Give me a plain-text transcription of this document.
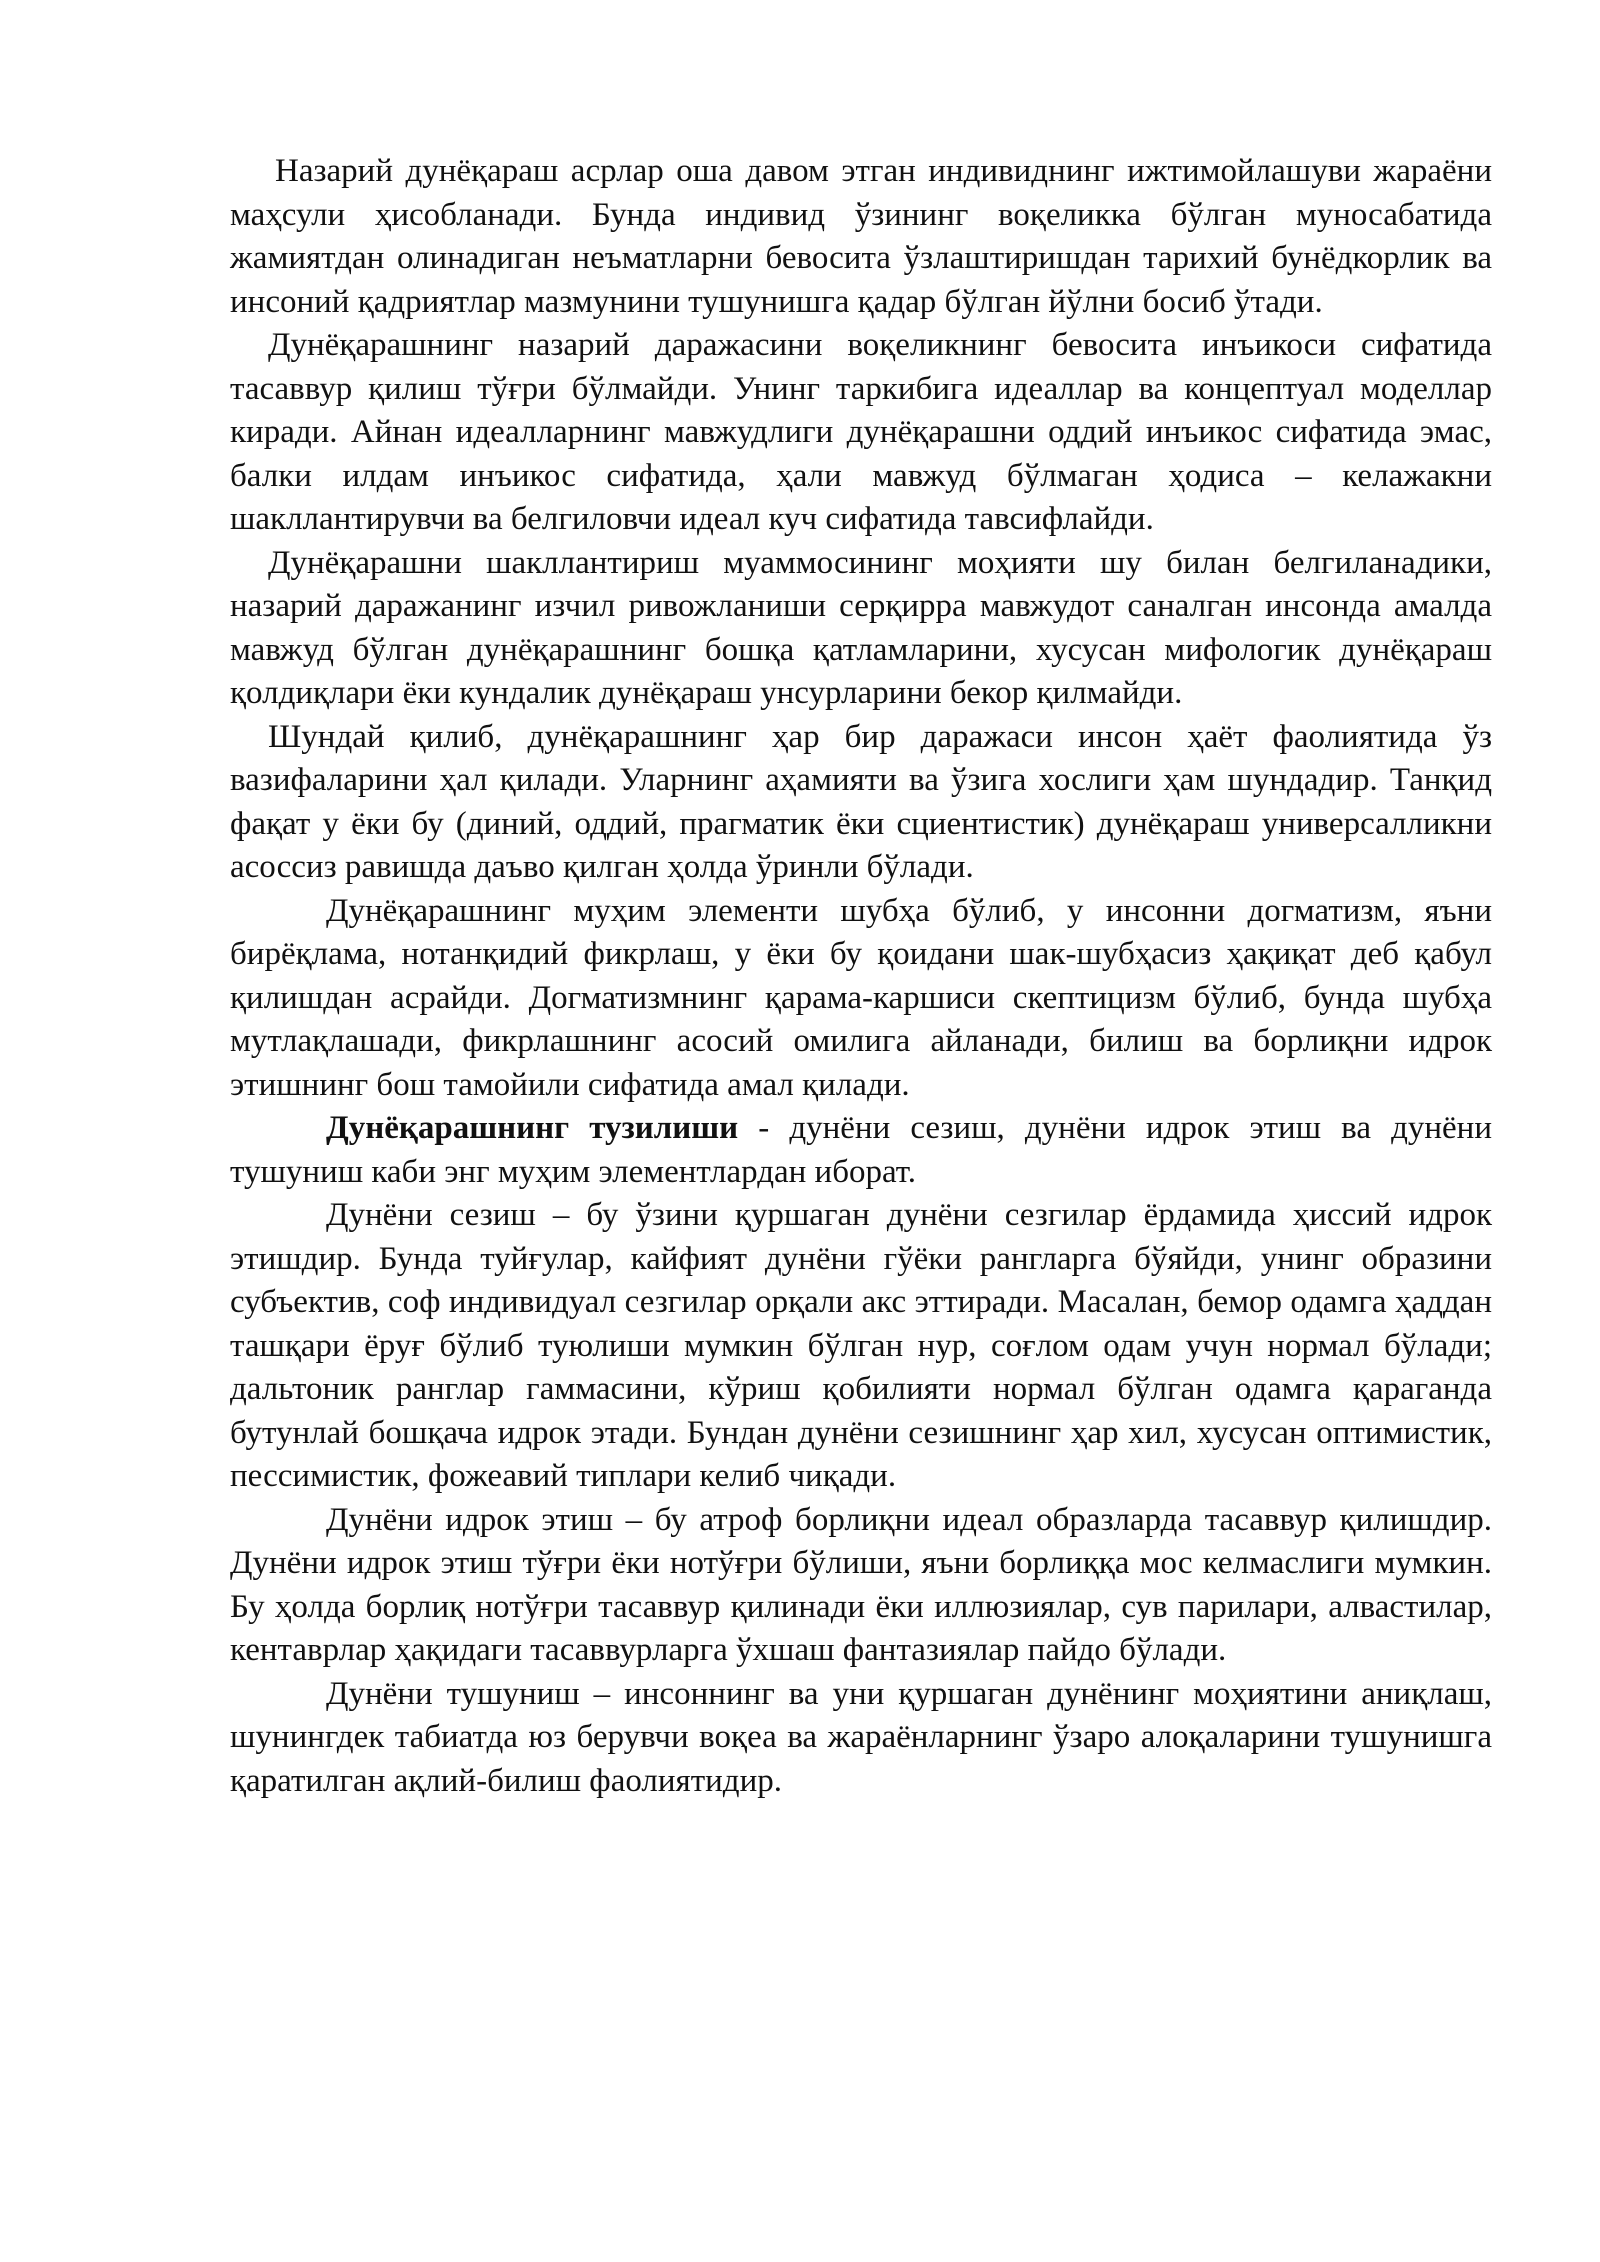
Назарий дунёқараш асрлар оша давом этган индивиднинг ижтимойлашуви жараёни маҳсули ҳисобланади. Бунда индивид ўзининг воқеликка бўлган муносабатида жамиятдан олинадиган неъматларни бевосита ўзлаштиришдан тарихий бунёдкорлик ва инсоний қадриятлар мазмунини тушунишга қадар бўлган йўлни босиб ўтади.

Дунёқарашнинг назарий даражасини воқеликнинг бевосита инъикоси сифатида тасаввур қилиш тўғри бўлмайди. Унинг таркибига идеаллар ва концептуал моделлар киради. Айнан идеалларнинг мавжудлиги дунёқарашни оддий инъикос сифатида эмас, балки илдам инъикос сифатида, ҳали мавжуд бўлмаган ҳодиса – келажакни шакллантирувчи ва белгиловчи идеал куч сифатида тавсифлайди.

Дунёқарашни шакллантириш муаммосининг моҳияти шу билан белгиланадики, назарий даражанинг изчил ривожланиши серқирра мавжудот саналган инсонда амалда мавжуд бўлган дунёқарашнинг бошқа қатламларини, хусусан мифологик дунёқараш қолдиқлари ёки кундалик дунёқараш унсурларини бекор қилмайди.

Шундай қилиб, дунёқарашнинг ҳар бир даражаси инсон ҳаёт фаолиятида ўз вазифаларини ҳал қилади. Уларнинг аҳамияти ва ўзига хослиги ҳам шундадир. Танқид фақат у ёки бу (диний, оддий, прагматик ёки сциентистик) дунёқараш универсалликни асоссиз равишда даъво қилган ҳолда ўринли бўлади.

Дунёқарашнинг муҳим элементи шубҳа бўлиб, у инсонни догматизм, яъни бирёқлама, нотанқидий фикрлаш, у ёки бу қоидани шак-шубҳасиз ҳақиқат деб қабул қилишдан асрайди. Догматизмнинг қарама-каршиси скептицизм бўлиб, бунда шубҳа мутлақлашади, фикрлашнинг асосий омилига айланади, билиш ва борлиқни идрок этишнинг бош тамойили сифатида амал қилади.

Дунёқарашнинг тузилиши - дунёни сезиш, дунёни идрок этиш ва дунёни тушуниш каби энг муҳим элементлардан иборат.

Дунёни сезиш – бу ўзини қуршаган дунёни сезгилар ёрдамида ҳиссий идрок этишдир. Бунда туйғулар, кайфият дунёни гўёки рангларга бўяйди, унинг образини субъектив, соф индивидуал сезгилар орқали акс эттиради. Масалан, бемор одамга ҳаддан ташқари ёруғ бўлиб туюлиши мумкин бўлган нур, соғлом одам учун нормал бўлади; дальтоник ранглар гаммасини, кўриш қобилияти нормал бўлган одамга қараганда бутунлай бошқача идрок этади. Бундан дунёни сезишнинг ҳар хил, хусусан оптимистик, пессимистик, фожеавий типлари келиб чиқади.

Дунёни идрок этиш – бу атроф борлиқни идеал образларда тасаввур қилишдир. Дунёни идрок этиш тўғри ёки нотўғри бўлиши, яъни борлиққа мос келмаслиги мумкин. Бу ҳолда борлиқ нотўғри тасаввур қилинади ёки иллюзиялар, сув парилари, алвастилар, кентаврлар ҳақидаги тасаввурларга ўхшаш фантазиялар пайдо бўлади.

Дунёни тушуниш – инсоннинг ва уни қуршаган дунёнинг моҳиятини аниқлаш, шунингдек табиатда юз берувчи воқеа ва жараёнларнинг ўзаро алоқаларини тушунишга қаратилган ақлий-билиш фаолиятидир.
